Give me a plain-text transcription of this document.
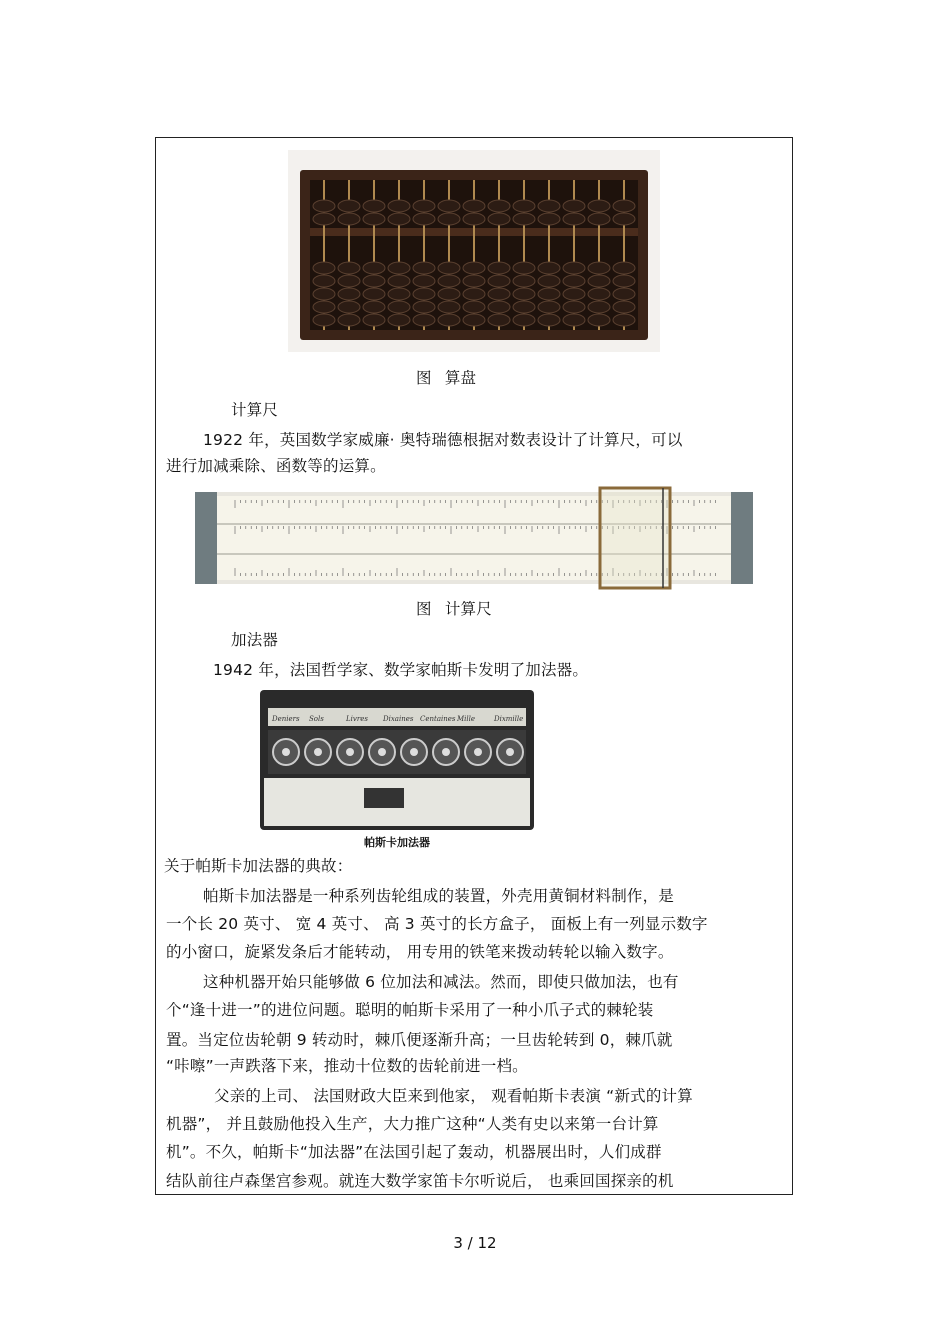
图 算盘
计算尺
1922 年，英国数学家威廉· 奥特瑞德根据对数表设计了计算尺，可以
进行加减乘除、函数等的运算。
图 计算尺
加法器
1942 年，法国哲学家、数学家帕斯卡发明了加法器。
Deniers Sols	Livres Dixaines Centaines Mille	Dixmille
帕斯卡加法器
关于帕斯卡加法器的典故：
帕斯卡加法器是一种系列齿轮组成的装置，外壳用黄铜材料制作，是
一个长 20 英寸、 宽 4 英寸、 高 3 英寸的长方盒子， 面板上有一列显示数字
的小窗口，旋紧发条后才能转动， 用专用的铁笔来拨动转轮以输入数字。
这种机器开始只能够做 6 位加法和减法。然而，即使只做加法，也有
个“逢十进一”的进位问题。聪明的帕斯卡采用了一种小爪子式的棘轮装
置。当定位齿轮朝 9 转动时，棘爪便逐渐升高；一旦齿轮转到 0，棘爪就
“咔嚓”一声跌落下来，推动十位数的齿轮前进一档。
父亲的上司、 法国财政大臣来到他家， 观看帕斯卡表演 “新式的计算
机器”， 并且鼓励他投入生产，大力推广这种“人类有史以来第一台计算
机”。不久，帕斯卡“加法器”在法国引起了轰动，机器展出时，人们成群
结队前往卢森堡宫参观。就连大数学家笛卡尔听说后， 也乘回国探亲的机
3 / 12
